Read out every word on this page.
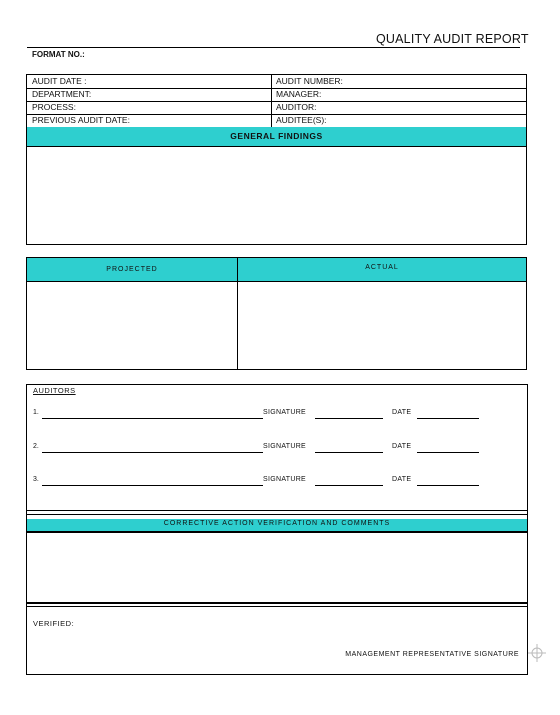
QUALITY AUDIT REPORT
FORMAT NO.:
AUDIT DATE :	AUDIT NUMBER:
DEPARTMENT:	MANAGER:
PROCESS:	AUDITOR:
PREVIOUS AUDIT DATE:	AUDITEE(S):
GENERAL FINDINGS
PROJECTED	ACTUAL
AUDITORS
1.	SIGNATURE	DATE
2.	SIGNATURE	DATE
3.	SIGNATURE	DATE
CORRECTIVE ACTION VERIFICATION AND COMMENTS
VERIFIED:
MANAGEMENT REPRESENTATIVE SIGNATURE
